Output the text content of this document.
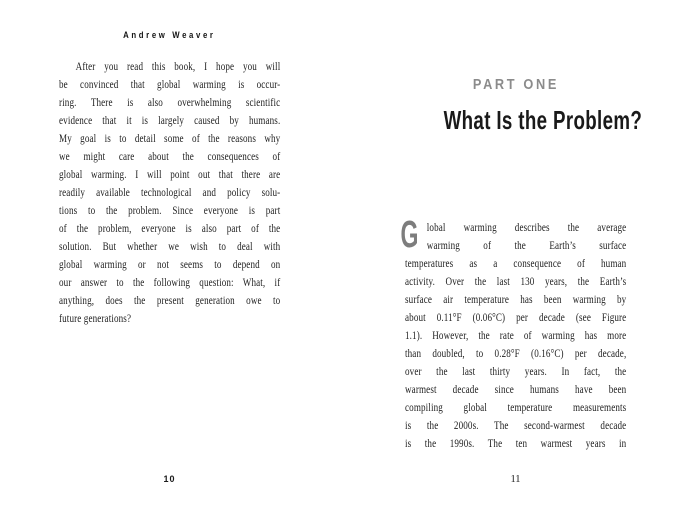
Andrew Weaver
After you read this book, I hope you will
be convinced that global warming is occur-
ring. There is also overwhelming scientific
evidence that it is largely caused by humans.
My goal is to detail some of the reasons why
we might care about the consequences of
global warming. I will point out that there are
readily available technological and policy solu-
tions to the problem. Since everyone is part
of the problem, everyone is also part of the
solution. But whether we wish to deal with
global warming or not seems to depend on
our answer to the following question: What, if
anything, does the present generation owe to
future generations?
10
PART ONE
What Is the Problem?
G lobal warming describes the average
warming of the Earth’s surface
temperatures as a consequence of human
activity. Over the last 130 years, the Earth’s
surface air temperature has been warming by
about 0.11°F (0.06°C) per decade (see Figure
1.1). However, the rate of warming has more
than doubled, to 0.28°F (0.16°C) per decade,
over the last thirty years. In fact, the
warmest decade since humans have been
compiling global temperature measurements
is the 2000s. The second-warmest decade
is the 1990s. The ten warmest years in
11
